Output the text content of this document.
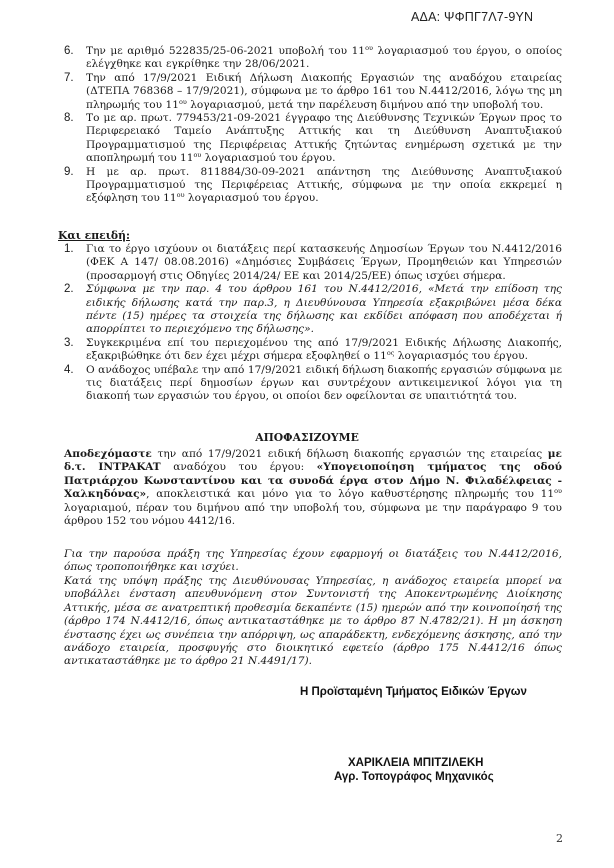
ΑΔΑ: ΨΦΠΓ7Λ7-9ΥΝ
6.	Την με αριθμό 522835/25-06-2021 υποβολή του $11^{o\upsilon}$ λογαριασμού του έργου, ο οποίος ελέγχθηκε και εγκρίθηκε την 28/06/2021.
7.	Την από 17/9/2021 Ειδική Δήλωση Διακοπής Εργασιών της αναδόχου εταιρείας (ΔΤΕΠΑ 768368 – 17/9/2021), σύμφωνα με το άρθρο 161 του Ν.4412/2016, λόγω της μη πληρωμής του $11^{o\upsilon}$ λογαριασμού, μετά την παρέλευση διμήνου από την υποβολή του.
8.	Το με αρ. πρωτ. 779453/21-09-2021 έγγραφο της Διεύθυνσης Τεχνικών Έργων προς το Περιφερειακό Ταμείο Ανάπτυξης Αττικής και τη Διεύθυνση Αναπτυξιακού Προγραμματισμού της Περιφέρειας Αττικής ζητώντας ενημέρωση σχετικά με την αποπληρωμή του $11^{o\upsilon}$ λογαριασμού του έργου.
9.	Η με αρ. πρωτ. 811884/30-09-2021 απάντηση της Διεύθυνσης Αναπτυξιακού Προγραμματισμού της Περιφέρειας Αττικής, σύμφωνα με την οποία εκκρεμεί η εξόφληση του $11^{o\upsilon}$ λογαριασμού του έργου.
Και επειδή:
1.	Για το έργο ισχύουν οι διατάξεις περί κατασκευής Δημοσίων Έργων του Ν.4412/2016 (ΦΕΚ Α 147/ 08.08.2016) «Δημόσιες Συμβάσεις Έργων, Προμηθειών και Υπηρεσιών (προσαρμογή στις Οδηγίες 2014/24/ ΕΕ και 2014/25/ΕΕ) όπως ισχύει σήμερα.
2.	Σύμφωνα με την παρ. 4 του άρθρου 161 του Ν.4412/2016, «Μετά την επίδοση της ειδικής δήλωσης κατά την παρ.3, η Διευθύνουσα Υπηρεσία εξακριβώνει μέσα δέκα πέντε (15) ημέρες τα στοιχεία της δήλωσης και εκδίδει απόφαση που αποδέχεται ή απορρίπτει το περιεχόμενο της δήλωσης».
3.	Συγκεκριμένα επί του περιεχομένου της από 17/9/2021 Ειδικής Δήλωσης Διακοπής, εξακριβώθηκε ότι δεν έχει μέχρι σήμερα εξοφληθεί ο $11^{o\varsigma}$ λογαριασμός του έργου.
4.	Ο ανάδοχος υπέβαλε την από 17/9/2021 ειδική δήλωση διακοπής εργασιών σύμφωνα με τις διατάξεις περί δημοσίων έργων και συντρέχουν αντικειμενικοί λόγοι για τη διακοπή των εργασιών του έργου, οι οποίοι δεν οφείλονται σε υπαιτιότητά του.
ΑΠΟΦΑΣΙΖΟΥΜΕ
Αποδεχόμαστε την από 17/9/2021 ειδική δήλωση διακοπής εργασιών της εταιρείας με δ.τ. INTPAKAT αναδόχου του έργου: «Υπογειοποίηση τμήματος της οδού Πατριάρχου Κωνσταντίνου και τα συνοδά έργα στον Δήμο Ν. Φιλαδέλφειας - Χαλκηδόνας», αποκλειστικά και μόνο για το λόγο καθυστέρησης πληρωμής του $11^{o\upsilon}$ λογαριαμού, πέραν του διμήνου από την υποβολή του, σύμφωνα με την παράγραφο 9 του άρθρου 152 του νόμου 4412/16.
Για την παρούσα πράξη της Υπηρεσίας έχουν εφαρμογή οι διατάξεις του Ν.4412/2016, όπως τροποποιήθηκε και ισχύει.
Κατά της υπόψη πράξης της Διευθύνουσας Υπηρεσίας, η ανάδοχος εταιρεία μπορεί να υποβάλλει ένσταση απευθυνόμενη στον Συντονιστή της Αποκεντρωμένης Διοίκησης Αττικής, μέσα σε ανατρεπτική προθεσμία δεκαπέντε (15) ημερών από την κοινοποίησή της (άρθρο 174 Ν.4412/16, όπως αντικαταστάθηκε με το άρθρο 87 Ν.4782/21). Η μη άσκηση ένστασης έχει ως συνέπεια την απόρριψη, ως απαράδεκτη, ενδεχόμενης άσκησης, από την ανάδοχο εταιρεία, προσφυγής στο διοικητικό εφετείο (άρθρο 175 Ν.4412/16 όπως αντικαταστάθηκε με το άρθρο 21 Ν.4491/17).
Η Προϊσταμένη Τμήματος Ειδικών Έργων
ΧΑΡΙΚΛΕΙΑ ΜΠΙΤΖΙΛΕΚΗ
Αγρ. Τοπογράφος Μηχανικός
2
